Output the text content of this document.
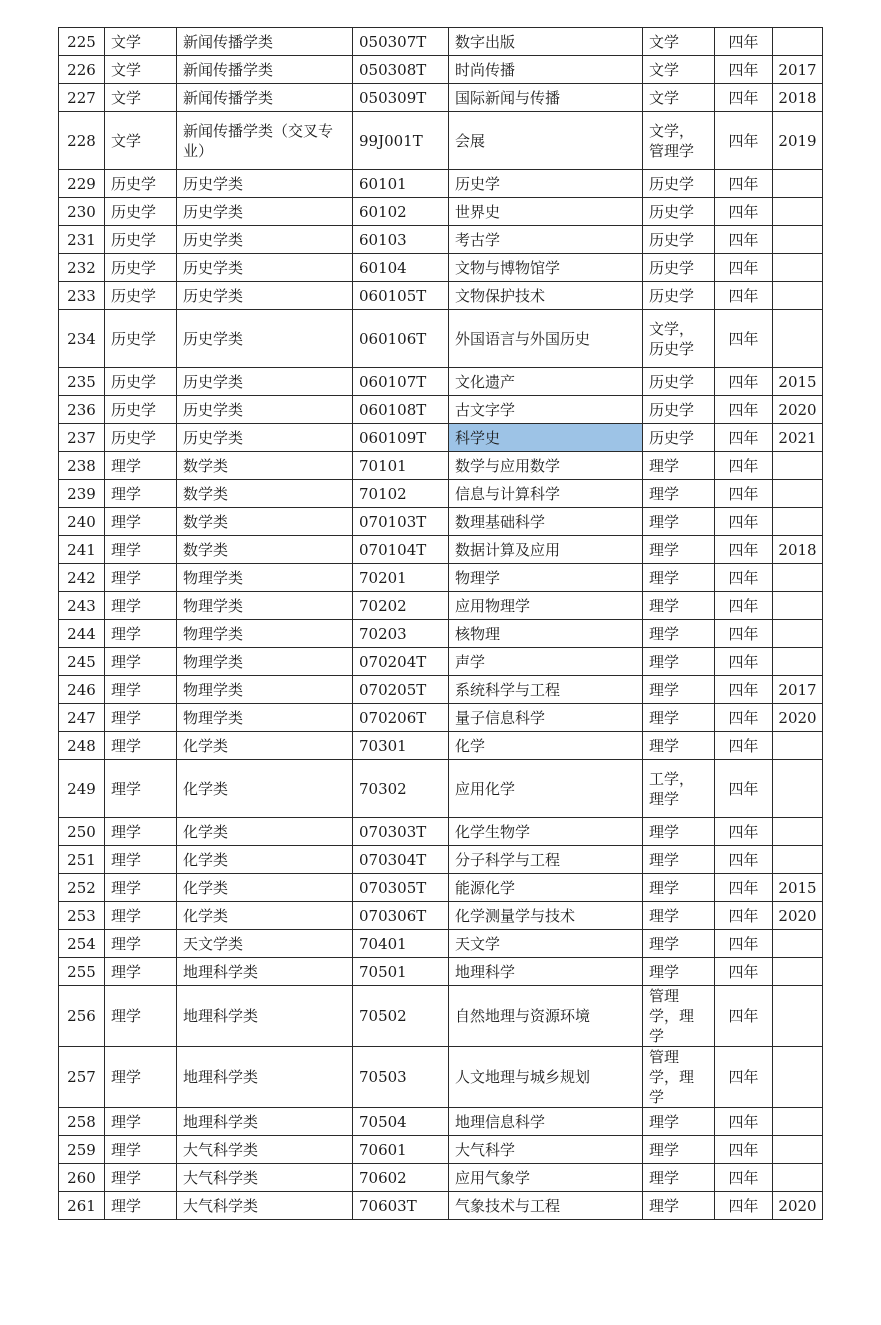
225	文学	新闻传播学类	050307T	数字出版	文学	四年	
226	文学	新闻传播学类	050308T	时尚传播	文学	四年	2017
227	文学	新闻传播学类	050309T	国际新闻与传播	文学	四年	2018
228	文学	新闻传播学类（交叉专业）	99J001T	会展	文学，管理学	四年	2019
229	历史学	历史学类	60101	历史学	历史学	四年	
230	历史学	历史学类	60102	世界史	历史学	四年	
231	历史学	历史学类	60103	考古学	历史学	四年	
232	历史学	历史学类	60104	文物与博物馆学	历史学	四年	
233	历史学	历史学类	060105T	文物保护技术	历史学	四年	
234	历史学	历史学类	060106T	外国语言与外国历史	文学，历史学	四年	
235	历史学	历史学类	060107T	文化遗产	历史学	四年	2015
236	历史学	历史学类	060108T	古文字学	历史学	四年	2020
237	历史学	历史学类	060109T	科学史	历史学	四年	2021
238	理学	数学类	70101	数学与应用数学	理学	四年	
239	理学	数学类	70102	信息与计算科学	理学	四年	
240	理学	数学类	070103T	数理基础科学	理学	四年	
241	理学	数学类	070104T	数据计算及应用	理学	四年	2018
242	理学	物理学类	70201	物理学	理学	四年	
243	理学	物理学类	70202	应用物理学	理学	四年	
244	理学	物理学类	70203	核物理	理学	四年	
245	理学	物理学类	070204T	声学	理学	四年	
246	理学	物理学类	070205T	系统科学与工程	理学	四年	2017
247	理学	物理学类	070206T	量子信息科学	理学	四年	2020
248	理学	化学类	70301	化学	理学	四年	
249	理学	化学类	70302	应用化学	工学，理学	四年	
250	理学	化学类	070303T	化学生物学	理学	四年	
251	理学	化学类	070304T	分子科学与工程	理学	四年	
252	理学	化学类	070305T	能源化学	理学	四年	2015
253	理学	化学类	070306T	化学测量学与技术	理学	四年	2020
254	理学	天文学类	70401	天文学	理学	四年	
255	理学	地理科学类	70501	地理科学	理学	四年	
256	理学	地理科学类	70502	自然地理与资源环境	管理学，理学	四年	
257	理学	地理科学类	70503	人文地理与城乡规划	管理学，理学	四年	
258	理学	地理科学类	70504	地理信息科学	理学	四年	
259	理学	大气科学类	70601	大气科学	理学	四年	
260	理学	大气科学类	70602	应用气象学	理学	四年	
261	理学	大气科学类	70603T	气象技术与工程	理学	四年	2020
